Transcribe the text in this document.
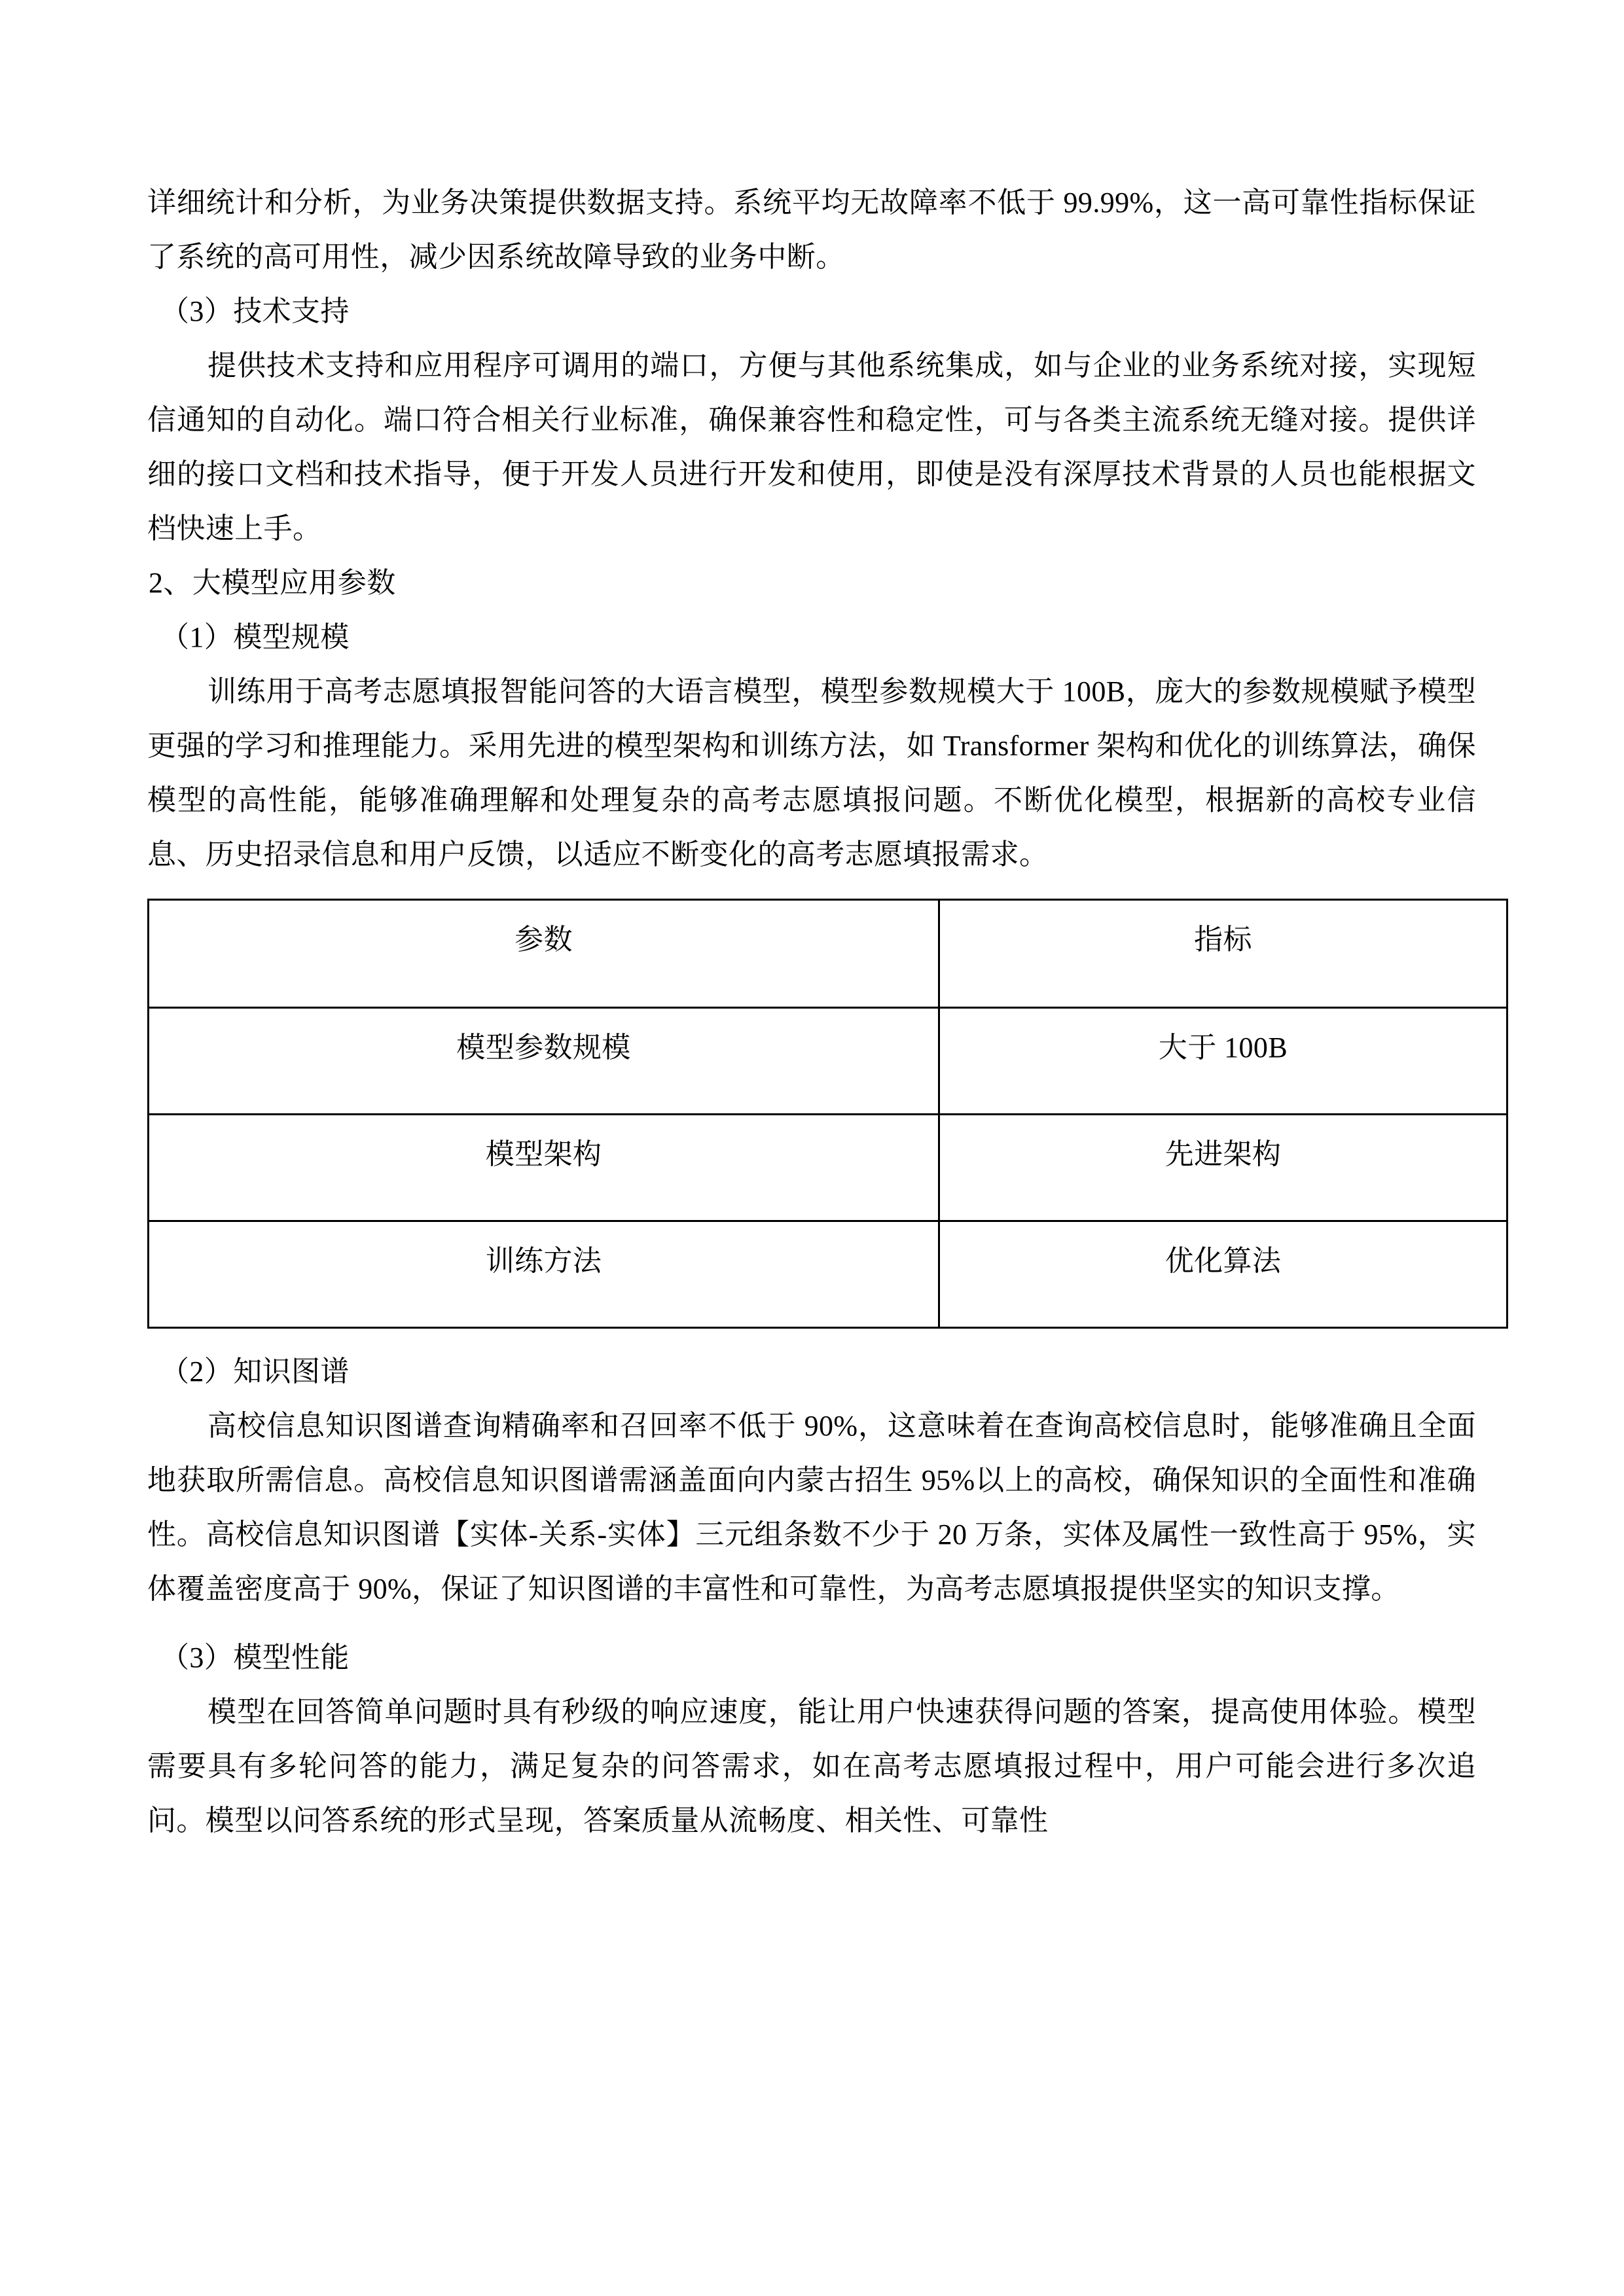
详细统计和分析，为业务决策提供数据支持。系统平均无故障率不低于 99.99%，这一高可靠性指标保证了系统的高可用性，减少因系统故障导致的业务中断。

（3）技术支持

提供技术支持和应用程序可调用的端口，方便与其他系统集成，如与企业的业务系统对接，实现短信通知的自动化。端口符合相关行业标准，确保兼容性和稳定性，可与各类主流系统无缝对接。提供详细的接口文档和技术指导，便于开发人员进行开发和使用，即使是没有深厚技术背景的人员也能根据文档快速上手。

2、大模型应用参数

（1）模型规模

训练用于高考志愿填报智能问答的大语言模型，模型参数规模大于 100B，庞大的参数规模赋予模型更强的学习和推理能力。采用先进的模型架构和训练方法，如 Transformer 架构和优化的训练算法，确保模型的高性能，能够准确理解和处理复杂的高考志愿填报问题。不断优化模型，根据新的高校专业信息、历史招录信息和用户反馈，以适应不断变化的高考志愿填报需求。

参数	指标
模型参数规模	大于 100B
模型架构	先进架构
训练方法	优化算法

（2）知识图谱

高校信息知识图谱查询精确率和召回率不低于 90%，这意味着在查询高校信息时，能够准确且全面地获取所需信息。高校信息知识图谱需涵盖面向内蒙古招生 95%以上的高校，确保知识的全面性和准确性。高校信息知识图谱【实体-关系-实体】三元组条数不少于 20 万条，实体及属性一致性高于 95%，实体覆盖密度高于 90%，保证了知识图谱的丰富性和可靠性，为高考志愿填报提供坚实的知识支撑。

（3）模型性能

模型在回答简单问题时具有秒级的响应速度，能让用户快速获得问题的答案，提高使用体验。模型需要具有多轮问答的能力，满足复杂的问答需求，如在高考志愿填报过程中，用户可能会进行多次追问。模型以问答系统的形式呈现，答案质量从流畅度、相关性、可靠性
